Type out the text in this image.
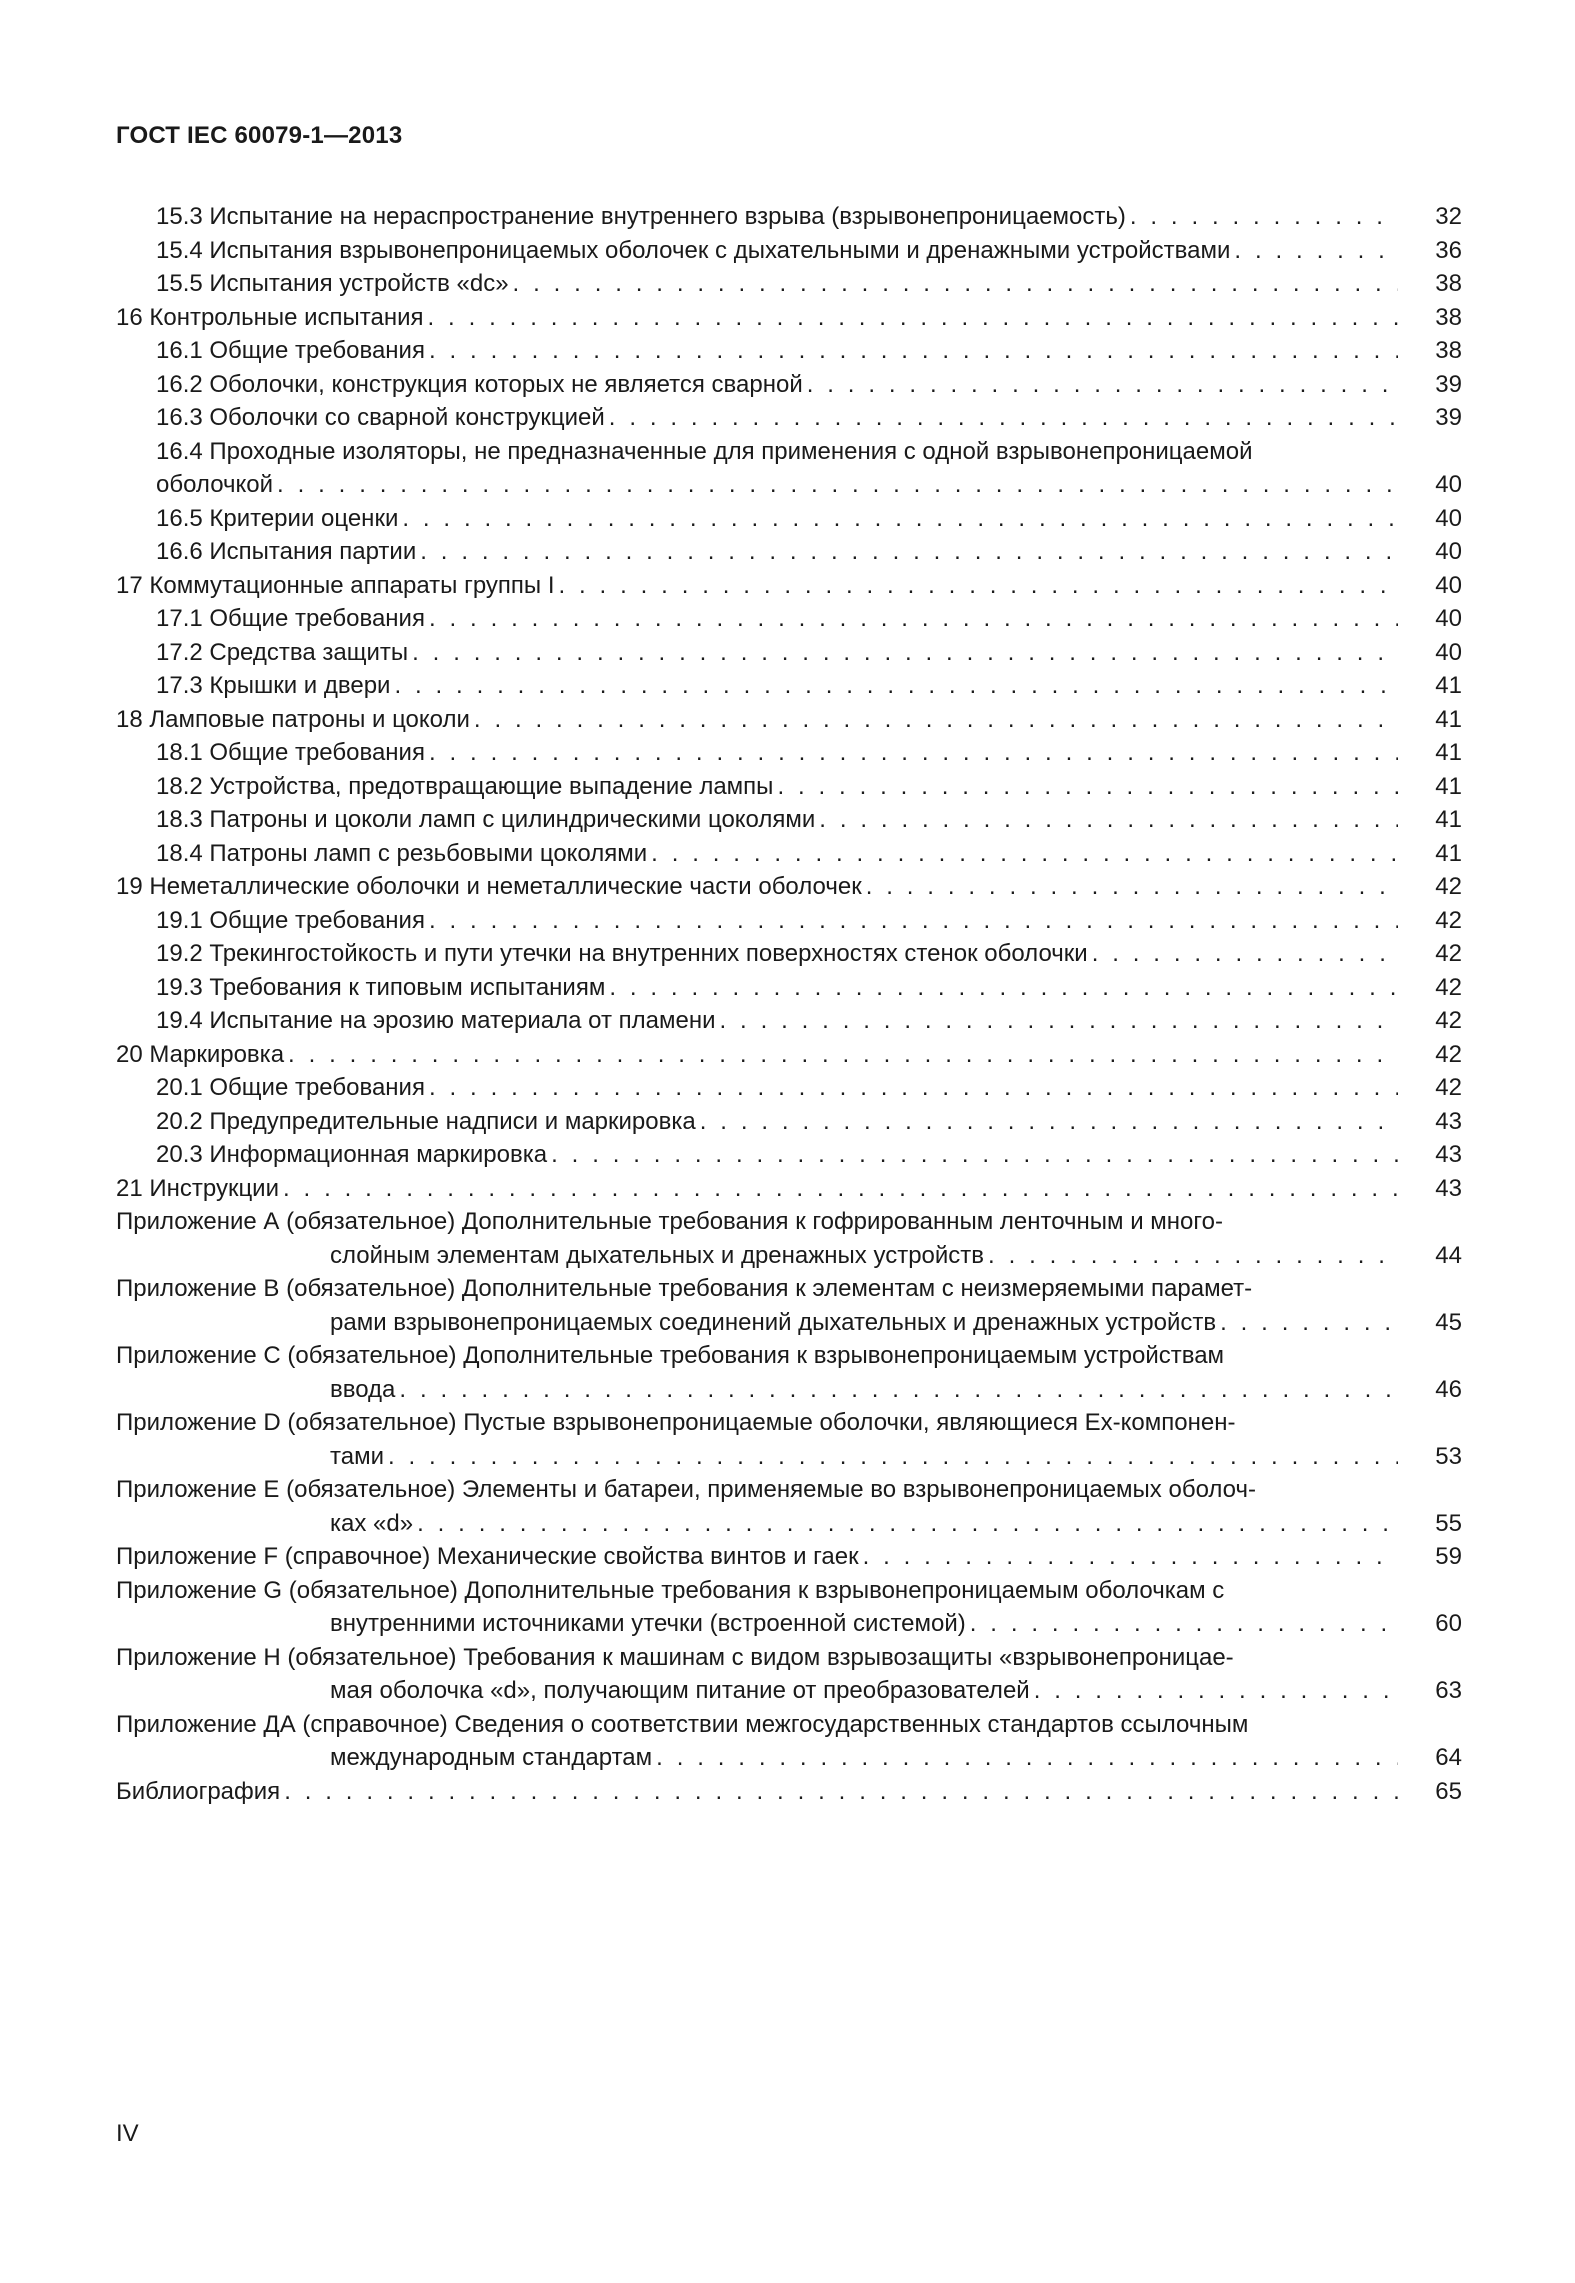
ГОСТ IEC 60079-1—2013
15.3 Испытание на нераспространение внутреннего взрыва (взрывонепроницаемость) . . .	32
15.4 Испытания взрывонепроницаемых оболочек с дыхательными и дренажными устройствами . . .	36
15.5 Испытания устройств «dc» . . .	38
16 Контрольные испытания . . .	38
16.1 Общие требования . . .	38
16.2 Оболочки, конструкция которых не является сварной . . .	39
16.3 Оболочки со сварной конструкцией . . .	39
16.4 Проходные изоляторы, не предназначенные для применения с одной взрывонепроницаемой
оболочкой . . .	40
16.5 Критерии оценки . . .	40
16.6 Испытания партии . . .	40
17 Коммутационные аппараты группы I . . .	40
17.1 Общие требования . . .	40
17.2 Средства защиты . . .	40
17.3 Крышки и двери . . .	41
18 Ламповые патроны и цоколи . . .	41
18.1 Общие требования . . .	41
18.2 Устройства, предотвращающие выпадение лампы . . .	41
18.3 Патроны и цоколи ламп с цилиндрическими цоколями . . .	41
18.4 Патроны ламп с резьбовыми цоколями . . .	41
19 Неметаллические оболочки и неметаллические части оболочек . . .	42
19.1 Общие требования . . .	42
19.2 Трекингостойкость и пути утечки на внутренних поверхностях стенок оболочки . . .	42
19.3 Требования к типовым испытаниям . . .	42
19.4 Испытание на эрозию материала от пламени . . .	42
20 Маркировка . . .	42
20.1 Общие требования . . .	42
20.2 Предупредительные надписи и маркировка . . .	43
20.3 Информационная маркировка . . .	43
21 Инструкции . . .	43
Приложение А (обязательное) Дополнительные требования к гофрированным ленточным и много-
слойным элементам дыхательных и дренажных устройств . . .	44
Приложение В (обязательное) Дополнительные требования к элементам с неизмеряемыми парамет-
рами взрывонепроницаемых соединений дыхательных и дренажных устройств . . .	45
Приложение С (обязательное) Дополнительные требования к взрывонепроницаемым устройствам
ввода . . .	46
Приложение D (обязательное) Пустые взрывонепроницаемые оболочки, являющиеся Ex-компонен-
тами . . .	53
Приложение Е (обязательное) Элементы и батареи, применяемые во взрывонепроницаемых оболоч-
ках «d» . . .	55
Приложение F (справочное) Механические свойства винтов и гаек . . .	59
Приложение G (обязательное) Дополнительные требования к взрывонепроницаемым оболочкам с
внутренними источниками утечки (встроенной системой) . . .	60
Приложение Н (обязательное) Требования к машинам с видом взрывозащиты «взрывонепроницае-
мая оболочка «d», получающим питание от преобразователей . . .	63
Приложение ДА (справочное) Сведения о соответствии межгосударственных стандартов ссылочным
международным стандартам . . .	64
Библиография . . .	65
IV
